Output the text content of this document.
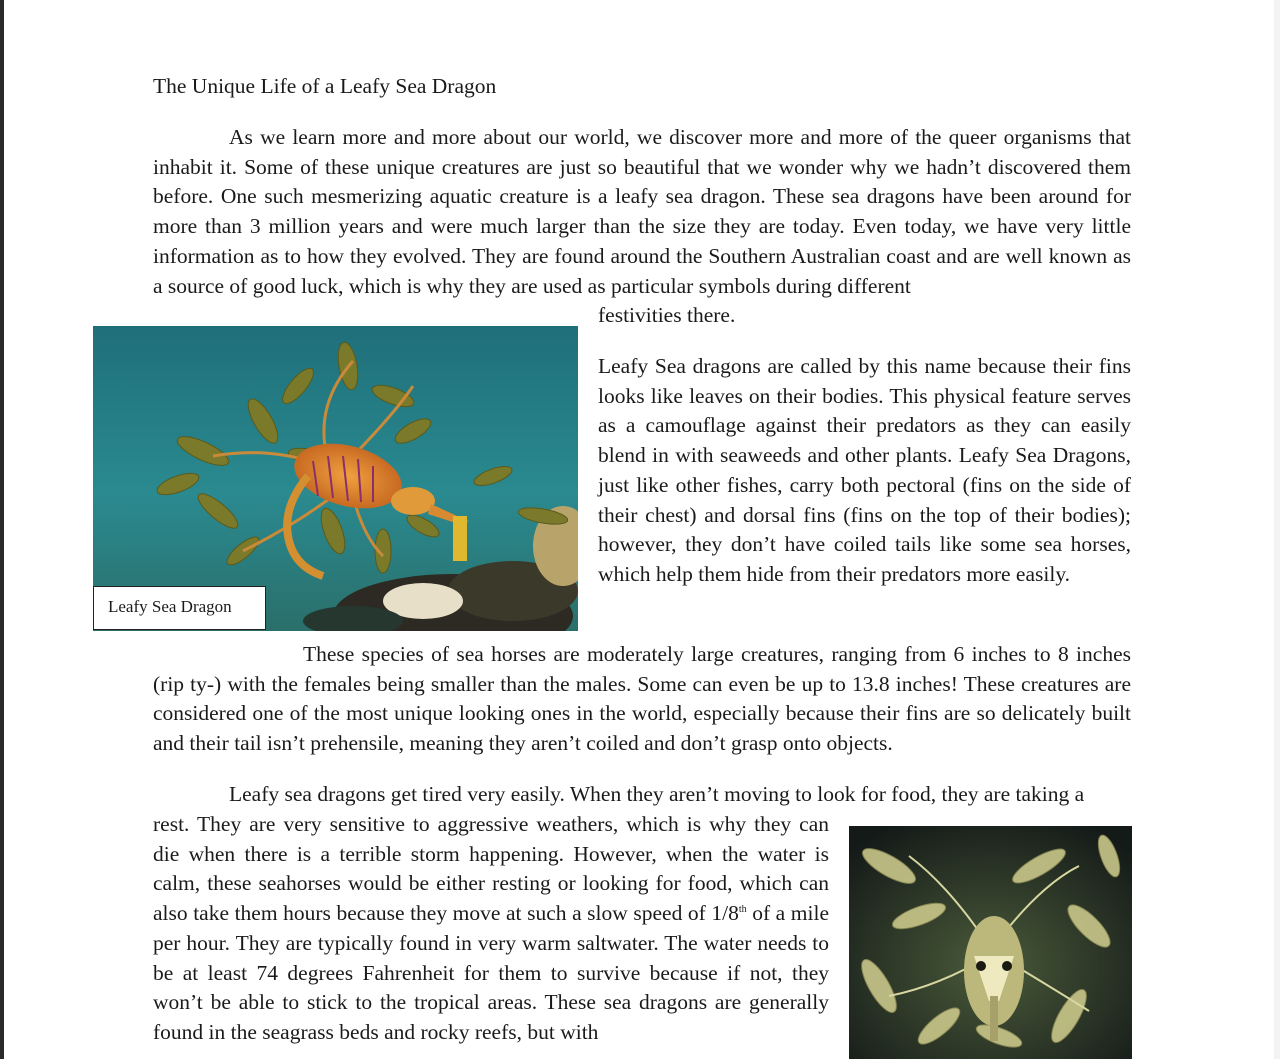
The Unique Life of a Leafy Sea Dragon

As we learn more and more about our world, we discover more and more of the queer organisms that inhabit it. Some of these unique creatures are just so beautiful that we wonder why we hadn’t discovered them before. One such mesmerizing aquatic creature is a leafy sea dragon. These sea dragons have been around for more than 3 million years and were much larger than the size they are today. Even today, we have very little information as to how they evolved. They are found around the Southern Australian coast and are well known as a source of good luck, which is why they are used as particular symbols during different

festivities there.

Leafy Sea Dragon

Leafy Sea dragons are called by this name because their fins looks like leaves on their bodies. This physical feature serves as a camouflage against their predators as they can easily blend in with seaweeds and other plants. Leafy Sea Dragons, just like other fishes, carry both pectoral (fins on the side of their chest) and dorsal fins (fins on the top of their bodies); however, they don’t have coiled tails like some sea horses, which help them hide from their predators more easily.

These species of sea horses are moderately large creatures, ranging from 6 inches to 8 inches (rip ty-) with the females being smaller than the males. Some can even be up to 13.8 inches! These creatures are considered one of the most unique looking ones in the world, especially because their fins are so delicately built and their tail isn’t prehensile, meaning they aren’t coiled and don’t grasp onto objects.

Leafy sea dragons get tired very easily. When they aren’t moving to look for food, they are taking a

rest. They are very sensitive to aggressive weathers, which is why they can die when there is a terrible storm happening. However, when the water is calm, these seahorses would be either resting or looking for food, which can also take them hours because they move at such a slow speed of 1/8th of a mile per hour. They are typically found in very warm saltwater. The water needs to be at least 74 degrees Fahrenheit for them to survive because if not, they won’t be able to stick to the tropical areas. These sea dragons are generally found in the seagrass beds and rocky reefs, but with
